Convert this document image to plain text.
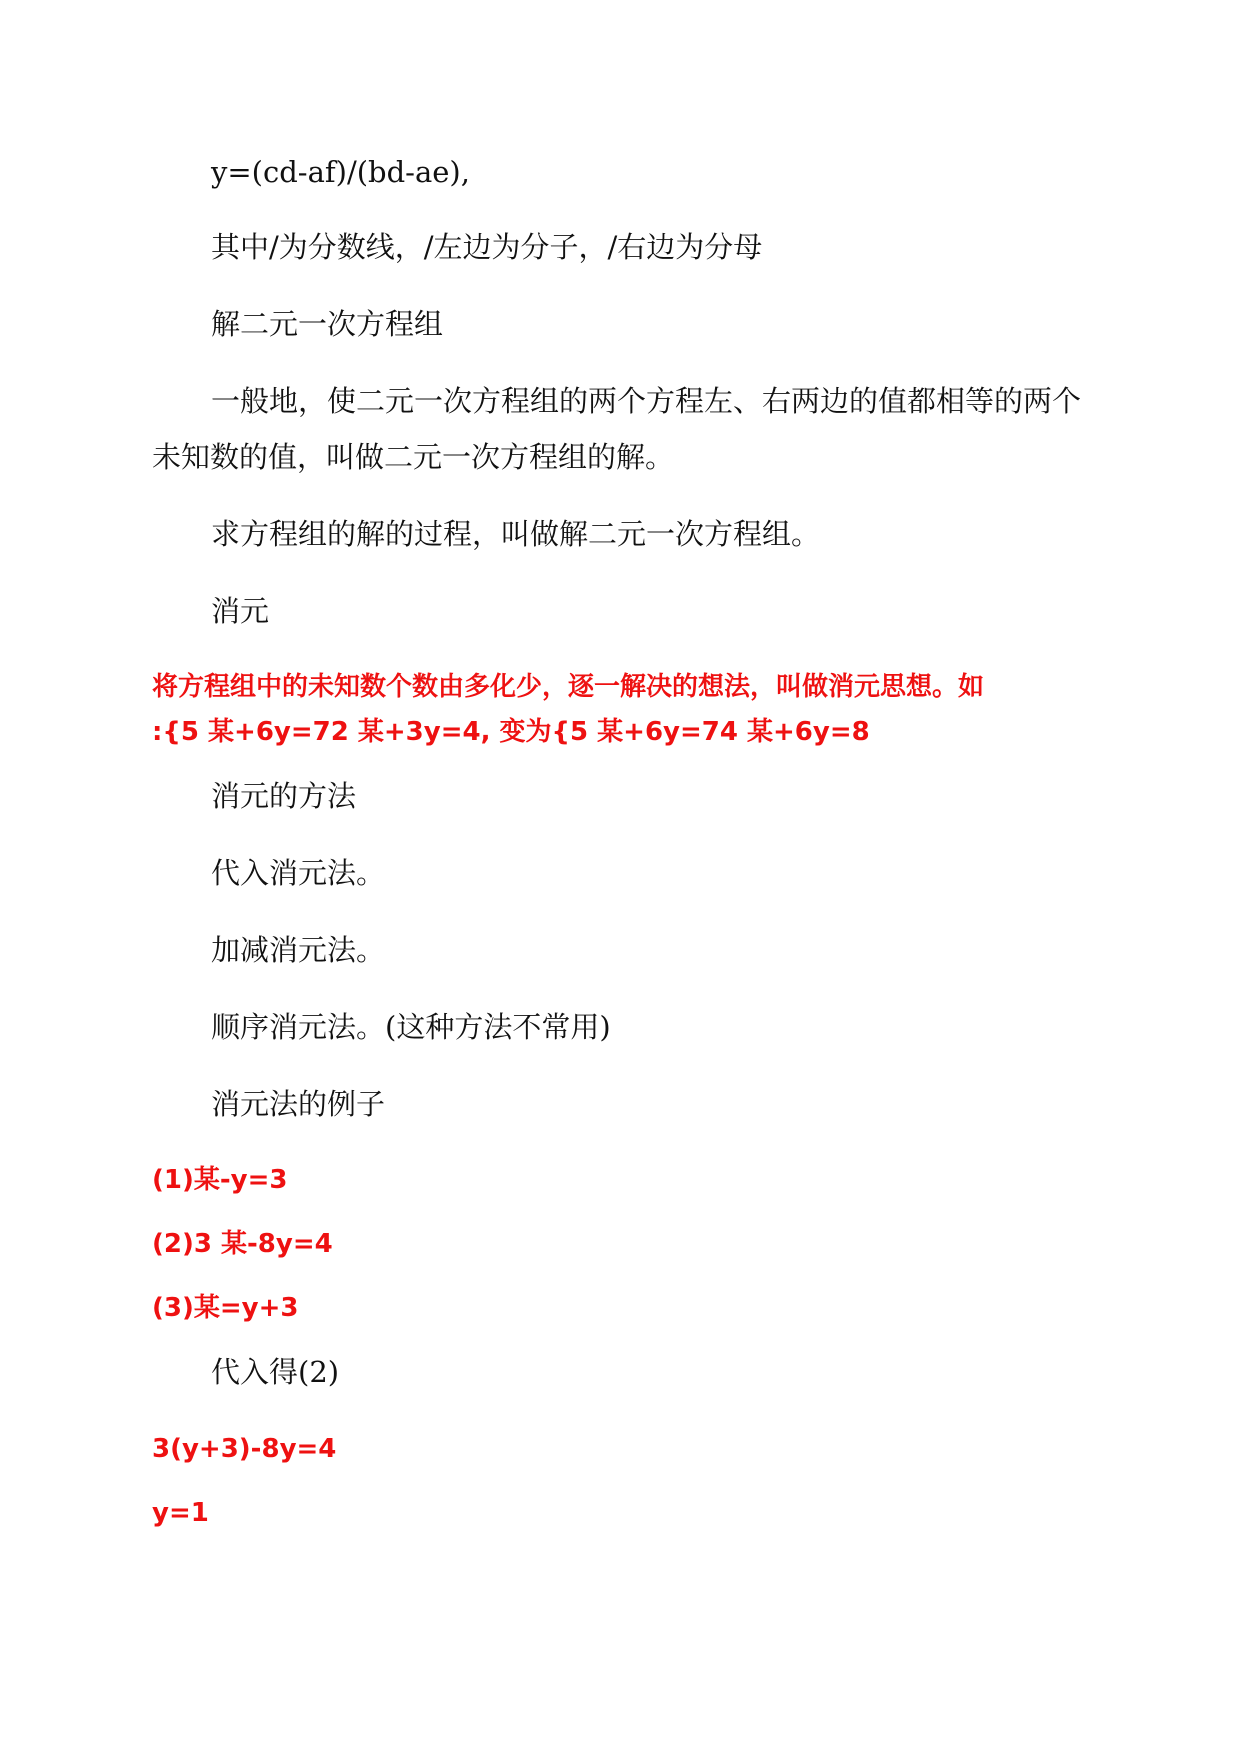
y=(cd-af)/(bd-ae),
其中/为分数线，/左边为分子，/右边为分母
解二元一次方程组
一般地，使二元一次方程组的两个方程左、右两边的值都相等的两个
未知数的值，叫做二元一次方程组的解。
求方程组的解的过程，叫做解二元一次方程组。
消元
将方程组中的未知数个数由多化少，逐一解决的想法，叫做消元思想。如
:{5 某+6y=72 某+3y=4, 变为{5 某+6y=74 某+6y=8
消元的方法
代入消元法。
加减消元法。
顺序消元法。(这种方法不常用)
消元法的例子
(1)某-y=3
(2)3 某-8y=4
(3)某=y+3
代入得(2)
3(y+3)-8y=4
y=1
